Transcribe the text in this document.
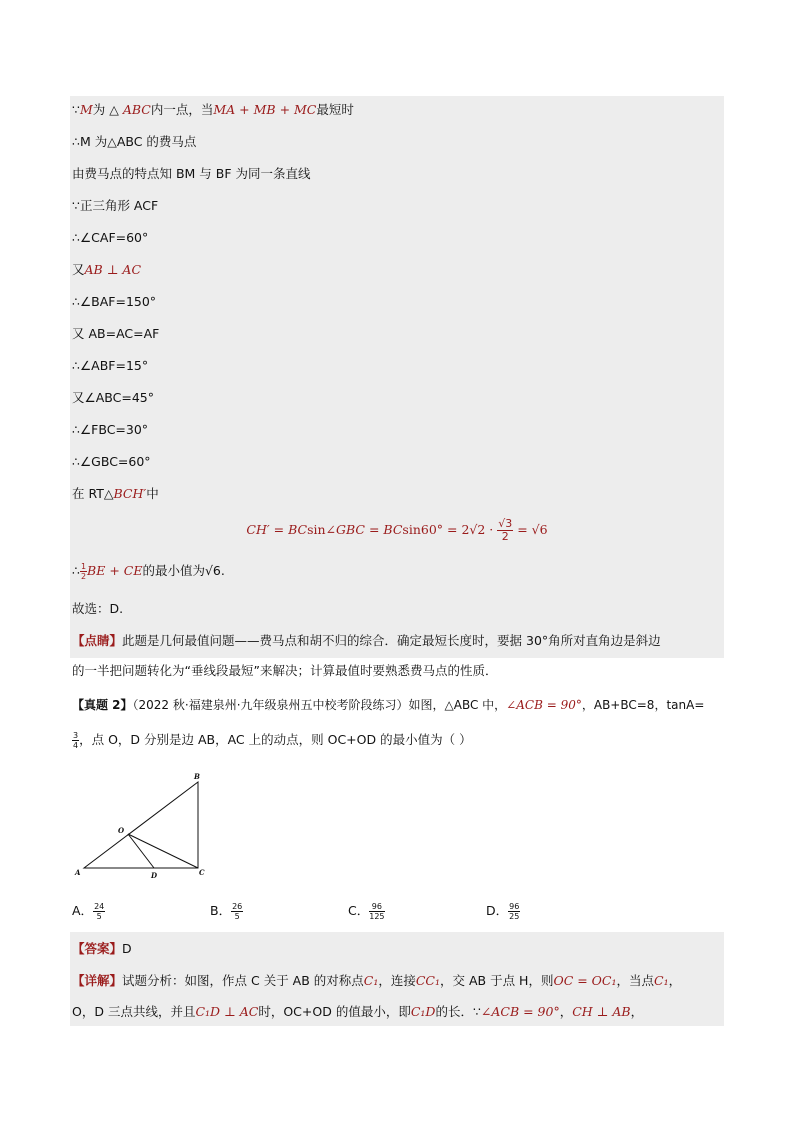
∵M为 △ ABC内一点，当MA + MB + MC最短时
∴M 为△ABC 的费马点
由费马点的特点知 BM 与 BF 为同一条直线
∵正三角形 ACF
∴∠CAF=60°
又AB ⊥ AC
∴∠BAF=150°
又 AB=AC=AF
∴∠ABF=15°
又∠ABC=45°
∴∠FBC=30°
∴∠GBC=60°
在 RT△BCH′中
CH′ = BCsin∠GBC = $BCsin60^\circ = 2√2 \cdot \frac{√3}{2} = √6$
∴ $\frac{1}{2}$ BE + CE的最小值为√6.
故选：D.
【点睛】此题是几何最值问题——费马点和胡不归的综合．确定最短长度时，要据 30°角所对直角边是斜边
的一半把问题转化为“垂线段最短”来解决；计算最值时要熟悉费马点的性质．
【真题 2】（2022 秋·福建泉州·九年级泉州五中校考阶段练习）如图，△ABC 中，∠ACB = 90°，AB+BC=8，tanA=
$\frac{3}{4}$ ，点 O，D 分别是边 AB，AC 上的动点，则 OC+OD 的最小值为（ ）
B
O
A	D	C
A． $\frac{24}{5}$	B． $\frac{26}{5}$	C． $\frac{96}{125}$	D． $\frac{96}{25}$
【答案】D
【详解】试题分析：如图，作点 C 关于 AB 的对称点C₁，连接CC₁，交 AB 于点 H，则OC = OC₁，当点C₁，
O，D 三点共线，并且C₁D ⊥ AC时，OC+OD 的值最小，即C₁D的长．∵∠ACB = 90°，CH ⊥ AB，
